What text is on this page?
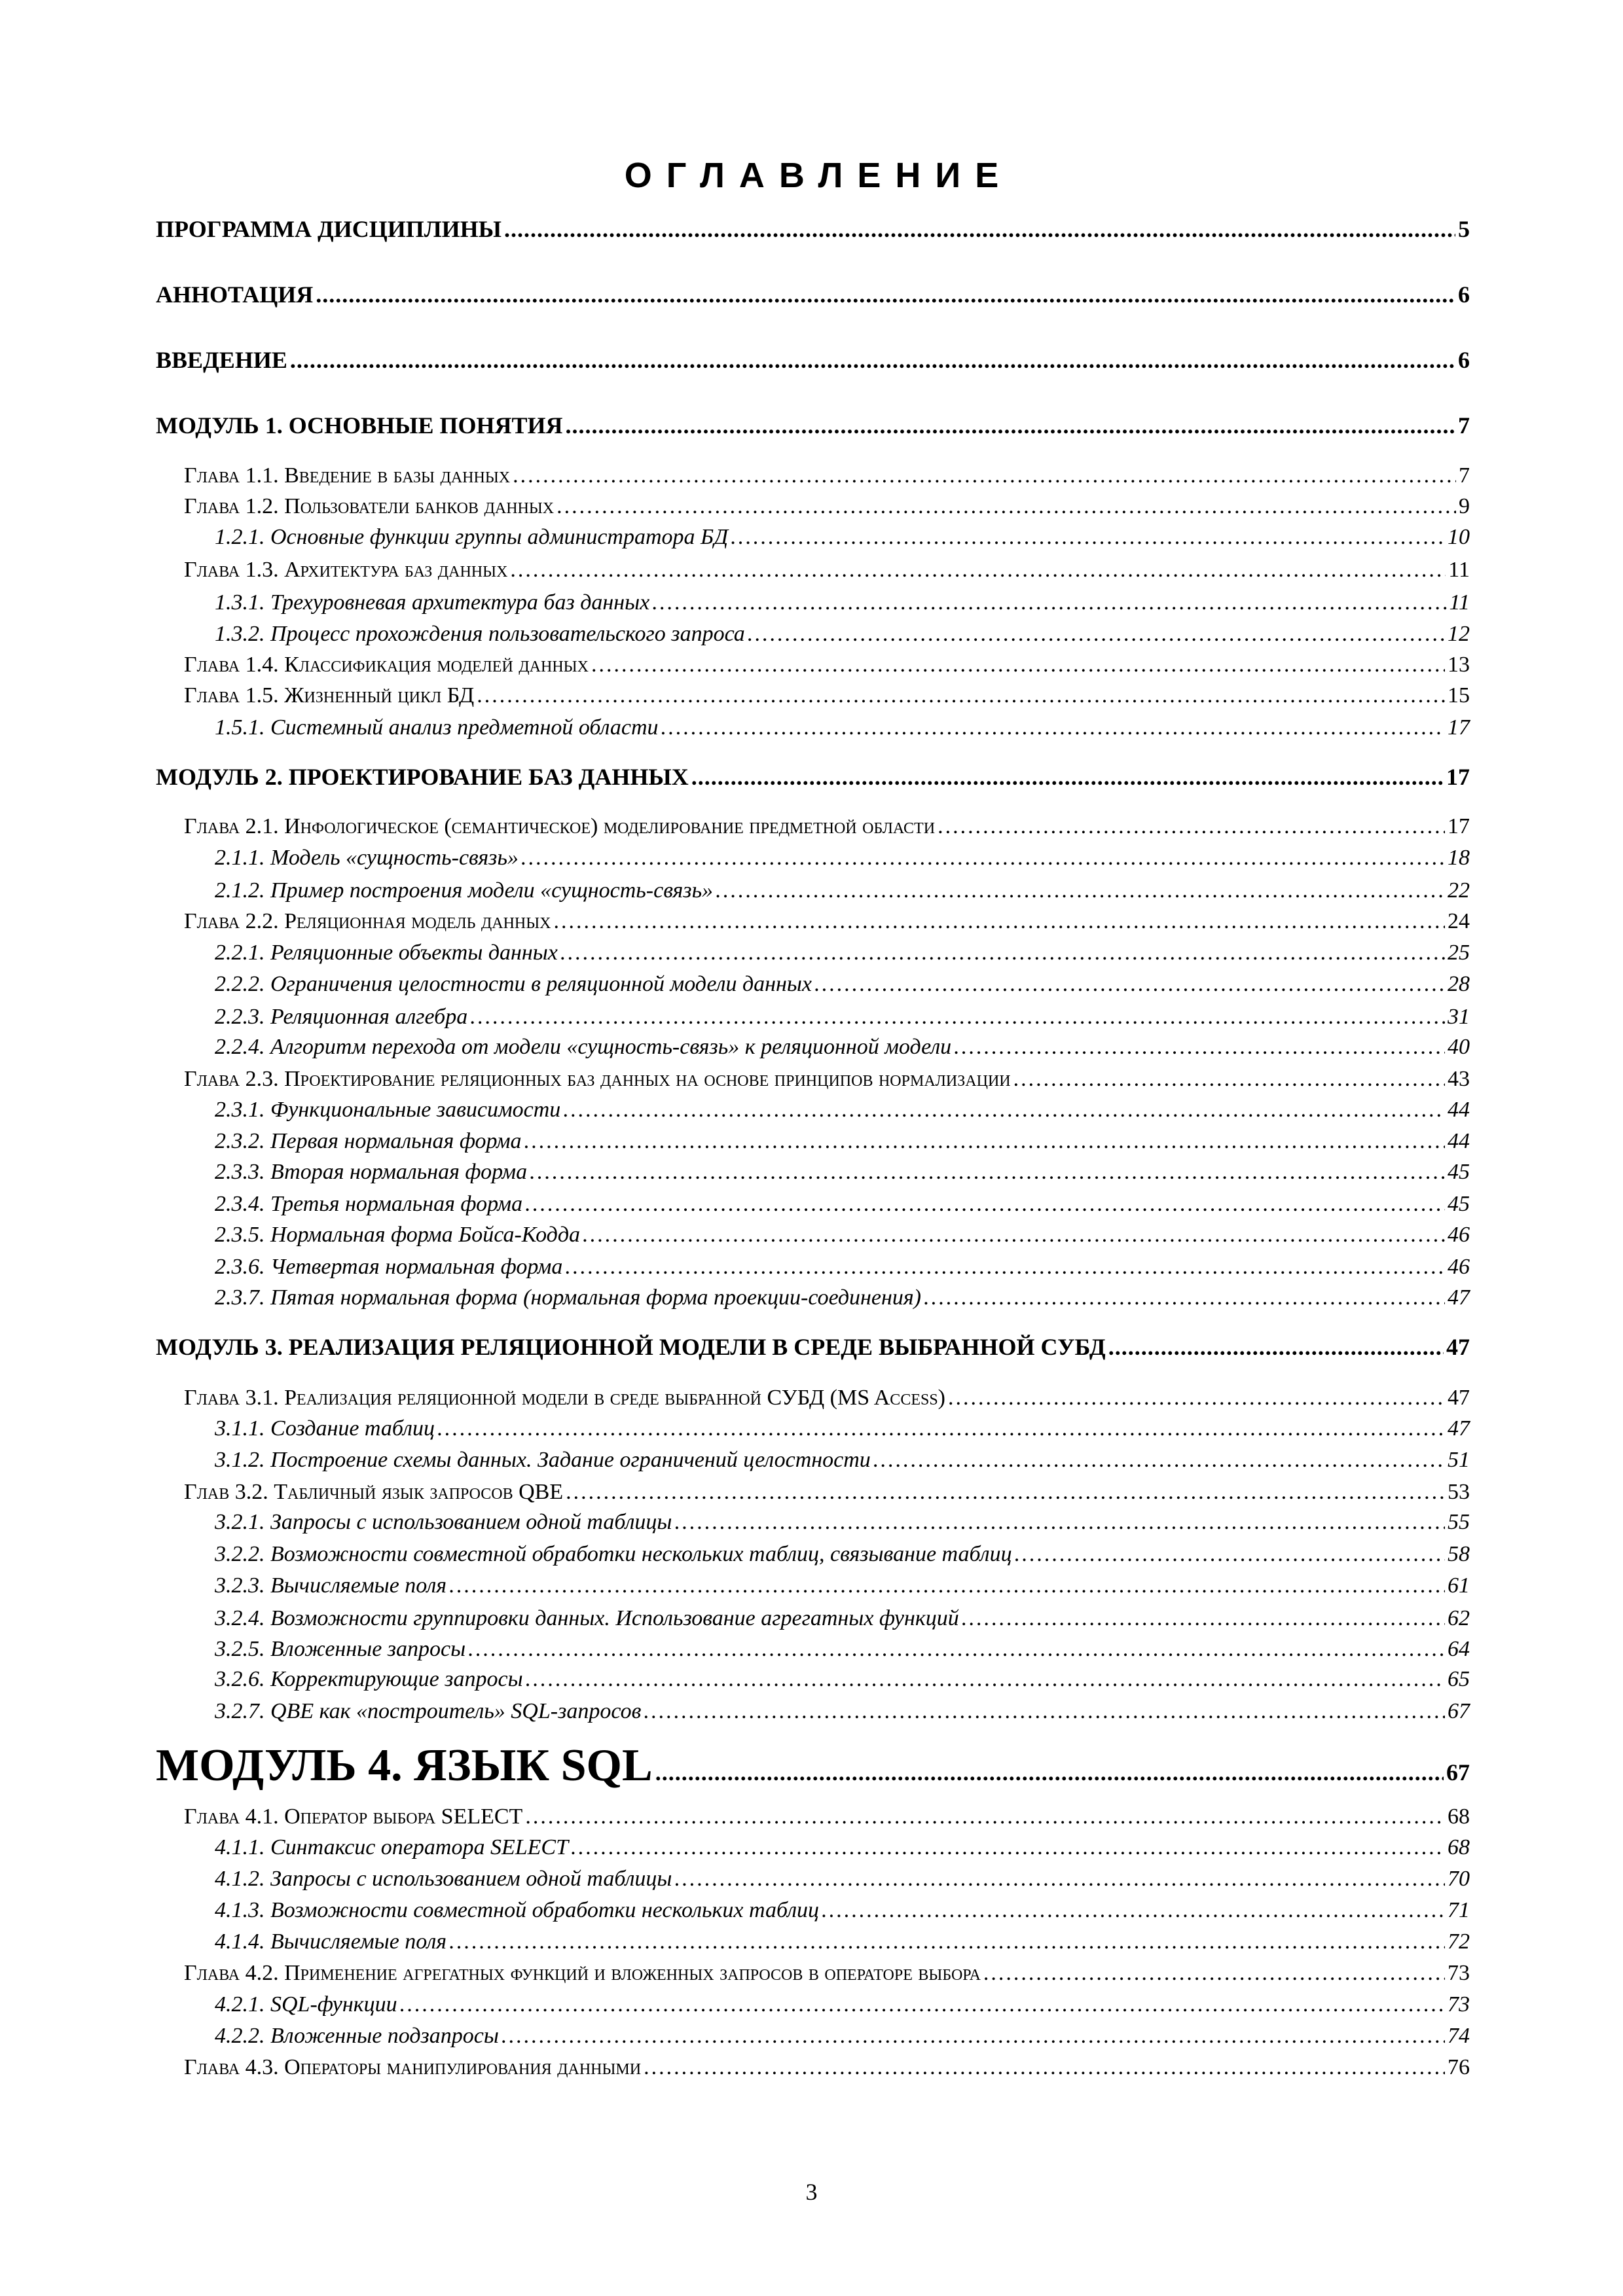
ОГЛАВЛЕНИЕ
ПРОГРАММА ДИСЦИПЛИНЫ .....	5
АННОТАЦИЯ .....	6
ВВЕДЕНИЕ .....	6
МОДУЛЬ 1. ОСНОВНЫЕ ПОНЯТИЯ .....	7
Глава 1.1. Введение в базы данных .....	7
Глава 1.2. Пользователи банков данных .....	9
1.2.1. Основные функции группы администратора БД .....	10
Глава 1.3. Архитектура баз данных .....	11
1.3.1. Трехуровневая архитектура баз данных .....	11
1.3.2. Процесс прохождения пользовательского запроса .....	12
Глава 1.4. Классификация моделей данных .....	13
Глава 1.5. Жизненный цикл БД .....	15
1.5.1. Системный анализ предметной области .....	17
МОДУЛЬ 2. ПРОЕКТИРОВАНИЕ БАЗ ДАННЫХ .....	17
Глава 2.1. Инфологическое (семантическое) моделирование предметной области .....	17
2.1.1. Модель «сущность-связь» .....	18
2.1.2. Пример построения модели «сущность-связь» .....	22
Глава 2.2. Реляционная модель данных .....	24
2.2.1. Реляционные объекты данных .....	25
2.2.2. Ограничения целостности в реляционной модели данных .....	28
2.2.3. Реляционная алгебра .....	31
2.2.4. Алгоритм перехода от модели «сущность-связь» к реляционной модели .....	40
Глава 2.3. Проектирование реляционных баз данных на основе принципов нормализации .....	43
2.3.1. Функциональные зависимости .....	44
2.3.2. Первая нормальная форма .....	44
2.3.3. Вторая нормальная форма .....	45
2.3.4. Третья нормальная форма .....	45
2.3.5. Нормальная форма Бойса-Кодда .....	46
2.3.6. Четвертая нормальная форма .....	46
2.3.7. Пятая нормальная форма (нормальная форма проекции-соединения) .....	47
МОДУЛЬ 3. РЕАЛИЗАЦИЯ РЕЛЯЦИОННОЙ МОДЕЛИ В СРЕДЕ ВЫБРАННОЙ СУБД .....	47
Глава 3.1. Реализация реляционной модели в среде выбранной СУБД (MS Access) .....	47
3.1.1. Создание таблиц .....	47
3.1.2. Построение схемы данных. Задание ограничений целостности .....	51
Глав 3.2. Табличный язык запросов QBE .....	53
3.2.1. Запросы с использованием одной таблицы .....	55
3.2.2. Возможности совместной обработки нескольких таблиц, связывание таблиц .....	58
3.2.3. Вычисляемые поля .....	61
3.2.4. Возможности группировки данных. Использование агрегатных функций .....	62
3.2.5. Вложенные запросы .....	64
3.2.6. Корректирующие запросы .....	65
3.2.7. QBE как «построитель» SQL-запросов .....	67
МОДУЛЬ 4. ЯЗЫК SQL .....	67
Глава 4.1. Оператор выбора SELECT .....	68
4.1.1. Синтаксис оператора SELECT .....	68
4.1.2. Запросы с использованием одной таблицы .....	70
4.1.3. Возможности совместной обработки нескольких таблиц .....	71
4.1.4. Вычисляемые поля .....	72
Глава 4.2. Применение агрегатных функций и вложенных запросов в операторе выбора .....	73
4.2.1. SQL-функции .....	73
4.2.2. Вложенные подзапросы .....	74
Глава 4.3. Операторы манипулирования данными .....	76
3
